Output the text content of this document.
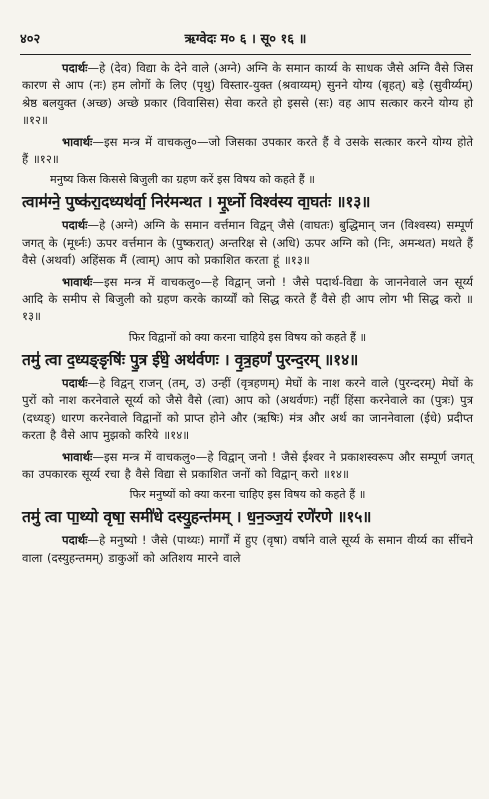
४०२	ऋग्वेदः म० ६ । सू० १६ ॥

पदार्थः—हे (देव) विद्या के देने वाले (अग्ने) अग्नि के समान कार्य्य के साधक जैसे अग्नि वैसे जिस कारण से आप (नः) हम लोगों के लिए (पृथु) विस्तार-युक्त (श्रवाय्यम्) सुनने योग्य (बृहत्) बड़े (सुवीर्य्यम्) श्रेष्ठ बलयुक्त (अच्छ) अच्छे प्रकार (विवासिस) सेवा करते हो इससे (सः) वह आप सत्कार करने योग्य हो ॥१२॥

भावार्थः—इस मन्त्र में वाचकलु०—जो जिसका उपकार करते हैं वे उसके सत्कार करने योग्य होते हैं ॥१२॥

मनुष्य किस किससे बिजुली का ग्रहण करें इस विषय को कहते हैं ॥

त्वाम॑ग्ने॒ पुष्क॑रा॒दध्यथ॑र्वा॒ निर॑मन्थत । मू॒र्ध्नो विश्व॑स्य वा॒घतः॑ ॥१३॥

पदार्थः—हे (अग्ने) अग्नि के समान वर्त्तमान विद्वन् जैसे (वाघतः) बुद्धिमान् जन (विश्वस्य) सम्पूर्ण जगत् के (मूर्ध्नः) ऊपर वर्त्तमान के (पुष्करात्) अन्तरिक्ष से (अधि) ऊपर अग्नि को (निः, अमन्थत) मथते हैं वैसे (अथर्वा) अहिंसक मैं (त्वाम्) आप को प्रकाशित करता हूं ॥१३॥

भावार्थः—इस मन्त्र में वाचकलु०—हे विद्वान् जनो ! जैसे पदार्थ-विद्या के जाननेवाले जन सूर्य्य आदि के समीप से बिजुली को ग्रहण करके कार्य्यों को सिद्ध करते हैं वैसे ही आप लोग भी सिद्ध करो ॥१३॥

फिर विद्वानों को क्या करना चाहिये इस विषय को कहते हैं ॥

तमु॑ त्वा द॒ध्यङ्ङृषिः॑ पु॒त्र ई॑धे॒ अथ॑र्वणः । वृ॒त्र॒हणं॑ पुरन्द॒रम् ॥१४॥

पदार्थः—हे विद्वन् राजन् (तम्, उ) उन्हीं (वृत्रहणम्) मेघों के नाश करने वाले (पुरन्दरम्) मेघों के पुरों को नाश करनेवाले सूर्य्य को जैसे वैसे (त्वा) आप को (अथर्वणः) नहीं हिंसा करनेवाले का (पुत्रः) पुत्र (दध्यङ्) धारण करनेवाले विद्वानों को प्राप्त होने और (ऋषिः) मंत्र और अर्थ का जाननेवाला (ईधे) प्रदीप्त करता है वैसे आप मुझको करिये ॥१४॥

भावार्थः—इस मन्त्र में वाचकलु०—हे विद्वान् जनो ! जैसे ईश्वर ने प्रकाशस्वरूप और सम्पूर्ण जगत् का उपकारक सूर्य्य रचा है वैसे विद्या से प्रकाशित जनों को विद्वान् करो ॥१४॥

फिर मनुष्यों को क्या करना चाहिए इस विषय को कहते हैं ॥

तमु॑ त्वा पा॒थ्यो वृषा॒ समी॑धे दस्यु॒हन्त॑मम् । ध॒न॒ञ्ज॒यं रणे॑रणे ॥१५॥

पदार्थः—हे मनुष्यो ! जैसे (पाथ्यः) मार्गों में हुए (वृषा) वर्षाने वाले सूर्य्य के समान वीर्य्य का सींचने वाला (दस्युहन्तमम्) डाकुओं को अतिशय मारने वाले
